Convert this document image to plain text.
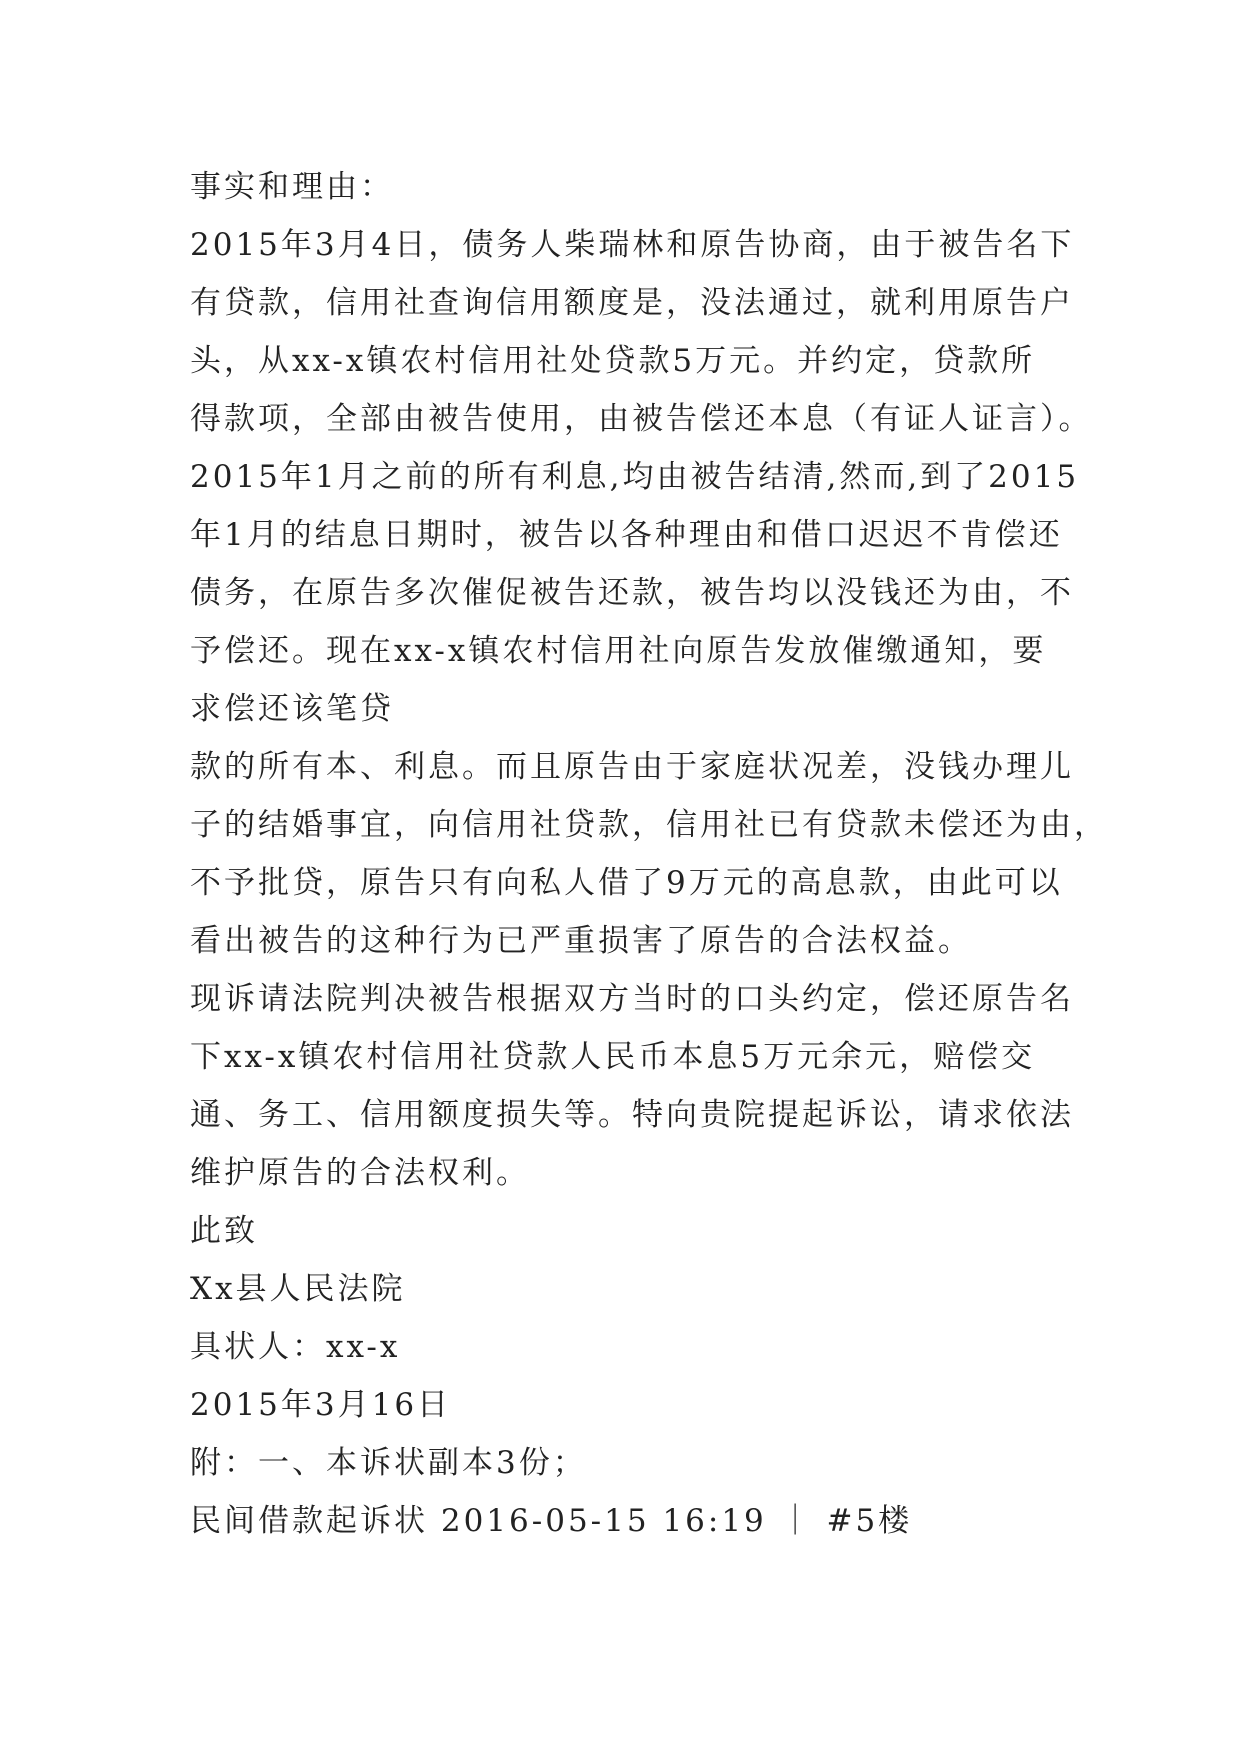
事实和理由：
2015年3月4日，债务人柴瑞林和原告协商，由于被告名下
有贷款，信用社查询信用额度是，没法通过，就利用原告户
头，从xx-x镇农村信用社处贷款5万元。并约定，贷款所
得款项，全部由被告使用，由被告偿还本息（有证人证言）。
2015年1月之前的所有利息,均由被告结清,然而,到了2015
年1月的结息日期时，被告以各种理由和借口迟迟不肯偿还
债务，在原告多次催促被告还款，被告均以没钱还为由，不
予偿还。现在xx-x镇农村信用社向原告发放催缴通知，要
求偿还该笔贷
款的所有本、利息。而且原告由于家庭状况差，没钱办理儿
子的结婚事宜，向信用社贷款，信用社已有贷款未偿还为由，
不予批贷，原告只有向私人借了9万元的高息款，由此可以
看出被告的这种行为已严重损害了原告的合法权益。
现诉请法院判决被告根据双方当时的口头约定，偿还原告名
下xx-x镇农村信用社贷款人民币本息5万元余元，赔偿交
通、务工、信用额度损失等。特向贵院提起诉讼，请求依法
维护原告的合法权利。
此致
Xx县人民法院
具状人：xx-x
2015年3月16日
附：一、本诉状副本3份；
民间借款起诉状 2016-05-15 16:19 ｜ #5楼
